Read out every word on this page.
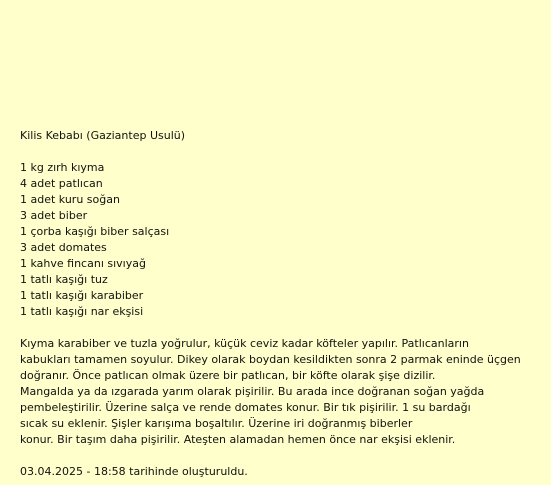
Kilis Kebabı (Gaziantep Usulü)
1 kg zırh kıyma
4 adet patlıcan
1 adet kuru soğan
3 adet biber
1 çorba kaşığı biber salçası
3 adet domates
1 kahve fincanı sıvıyağ
1 tatlı kaşığı tuz
1 tatlı kaşığı karabiber
1 tatlı kaşığı nar ekşisi
Kıyma karabiber ve tuzla yoğrulur, küçük ceviz kadar köfteler yapılır. Patlıcanların
kabukları tamamen soyulur. Dikey olarak boydan kesildikten sonra 2 parmak eninde üçgen
doğranır. Önce patlıcan olmak üzere bir patlıcan, bir köfte olarak şişe dizilir.
Mangalda ya da ızgarada yarım olarak pişirilir. Bu arada ince doğranan soğan yağda
pembeleştirilir. Üzerine salça ve rende domates konur. Bir tık pişirilir. 1 su bardağı
sıcak su eklenir. Şişler karışıma boşaltılır. Üzerine iri doğranmış biberler
konur. Bir taşım daha pişirilir. Ateşten alamadan hemen önce nar ekşisi eklenir.
03.04.2025 - 18:58 tarihinde oluşturuldu.
